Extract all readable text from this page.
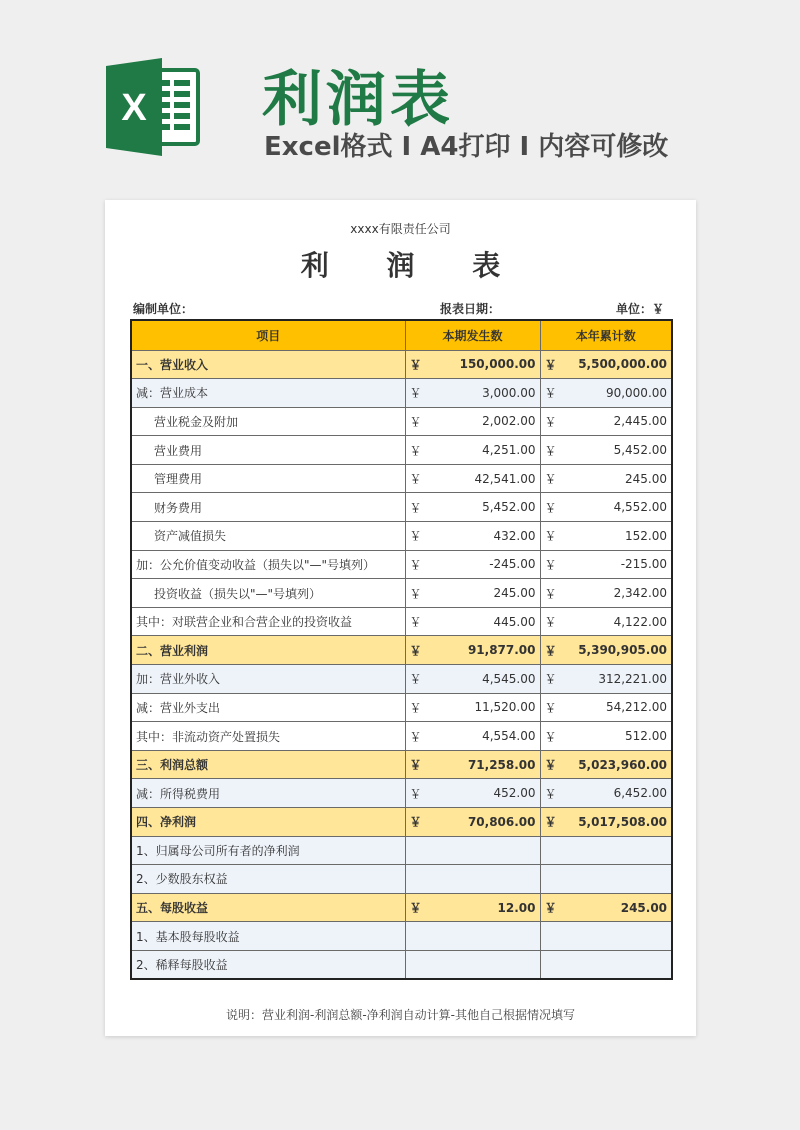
X 利润表
Excel格式 I A4打印 I 内容可修改
xxxx有限责任公司
利 润 表
编制单位：	报表日期：	单位：￥
项目	本期发生数		本年累计数	
一、营业收入	￥	150,000.00	￥	5,500,000.00
减：营业成本	￥	3,000.00	￥	90,000.00
营业税金及附加	￥	2,002.00	￥	2,445.00
营业费用	￥	4,251.00	￥	5,452.00
管理费用	￥	42,541.00	￥	245.00
财务费用	￥	5,452.00	￥	4,552.00
资产减值损失	￥	432.00	￥	152.00
加：公允价值变动收益（损失以"—"号填列）	￥	-245.00	￥	-215.00
投资收益（损失以"—"号填列）	￥	245.00	￥	2,342.00
其中：对联营企业和合营企业的投资收益	￥	445.00	￥	4,122.00
二、营业利润	￥	91,877.00	￥	5,390,905.00
加：营业外收入	￥	4,545.00	￥	312,221.00
减：营业外支出	￥	11,520.00	￥	54,212.00
其中：非流动资产处置损失	￥	4,554.00	￥	512.00
三、利润总额	￥	71,258.00	￥	5,023,960.00
减：所得税费用	￥	452.00	￥	6,452.00
四、净利润	￥	70,806.00	￥	5,017,508.00
1、归属母公司所有者的净利润				
2、少数股东权益				
五、每股收益	￥	12.00	￥	245.00
1、基本股每股收益				
2、稀释每股收益				
说明：营业利润-利润总额-净利润自动计算-其他自己根据情况填写
